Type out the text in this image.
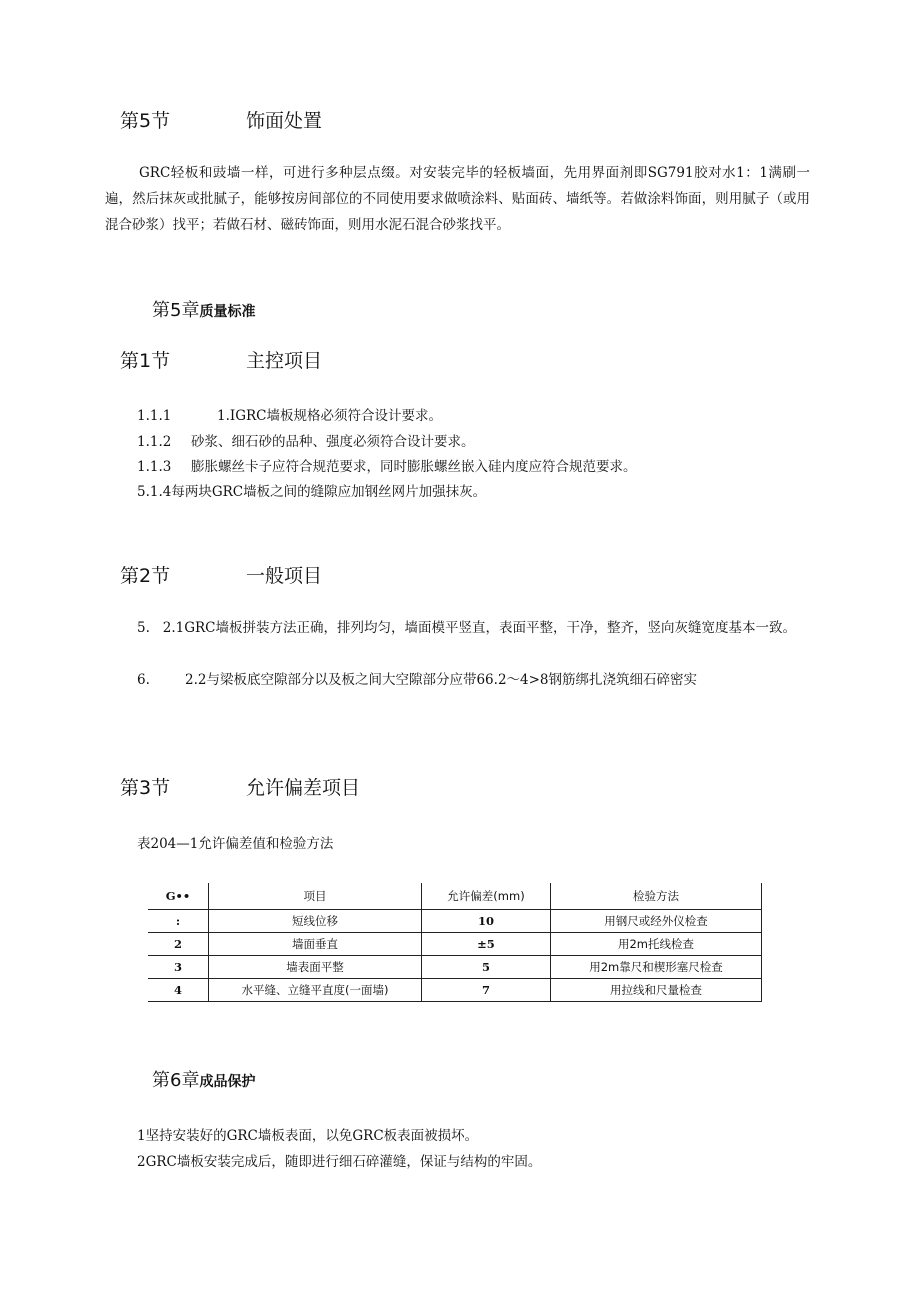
第5节	饰面处置
GRC轻板和豉墙一样，可进行多种层点缀。对安装完毕的轻板墙面，先用界面剂即SG791胶对水1：1满刷一遍，然后抹灰或批腻子，能够按房间部位的不同使用要求做喷涂料、贴面砖、墙纸等。若做涂料饰面，则用腻子（或用混合砂浆）找平；若做石材、磁砖饰面，则用水泥石混合砂浆找平。
第5章质量标准
第1节	主控项目
1.1.1	1.IGRC墙板规格必须符合设计要求。
1.1.2 砂浆、细石砂的品种、强度必须符合设计要求。
1.1.3 膨胀螺丝卡子应符合规范要求，同时膨胀螺丝嵌入硅内度应符合规范要求。
5.1.4每两块GRC墙板之间的缝隙应加钢丝网片加强抹灰。
第2节	一般项目
5. 2.1GRC墙板拼装方法正确，排列均匀，墙面模平竖直，表面平整，干净，整齐，竖向灰缝宽度基本一致。
6.	2.2与梁板底空隙部分以及板之间大空隙部分应带66.2～4>8钢筋绑扎浇筑细石碎密实
第3节	允许偏差项目
表204—1允许偏差值和检验方法
G••	项目	允许偏差(mm)	检验方法
:	短线位移	10	用钢尺或经外仪检查
2	墙面垂直	±5	用2m托线检查
3	墙表面平整	5	用2m靠尺和楔形塞尺检查
4	水平缝、立缝平直度(一面墙)	7	用拉线和尺量检查
第6章成品保护
1坚持安装好的GRC墙板表面，以免GRC板表面被损坏。
2GRC墙板安装完成后，随即进行细石碎灌缝，保证与结构的牢固。
